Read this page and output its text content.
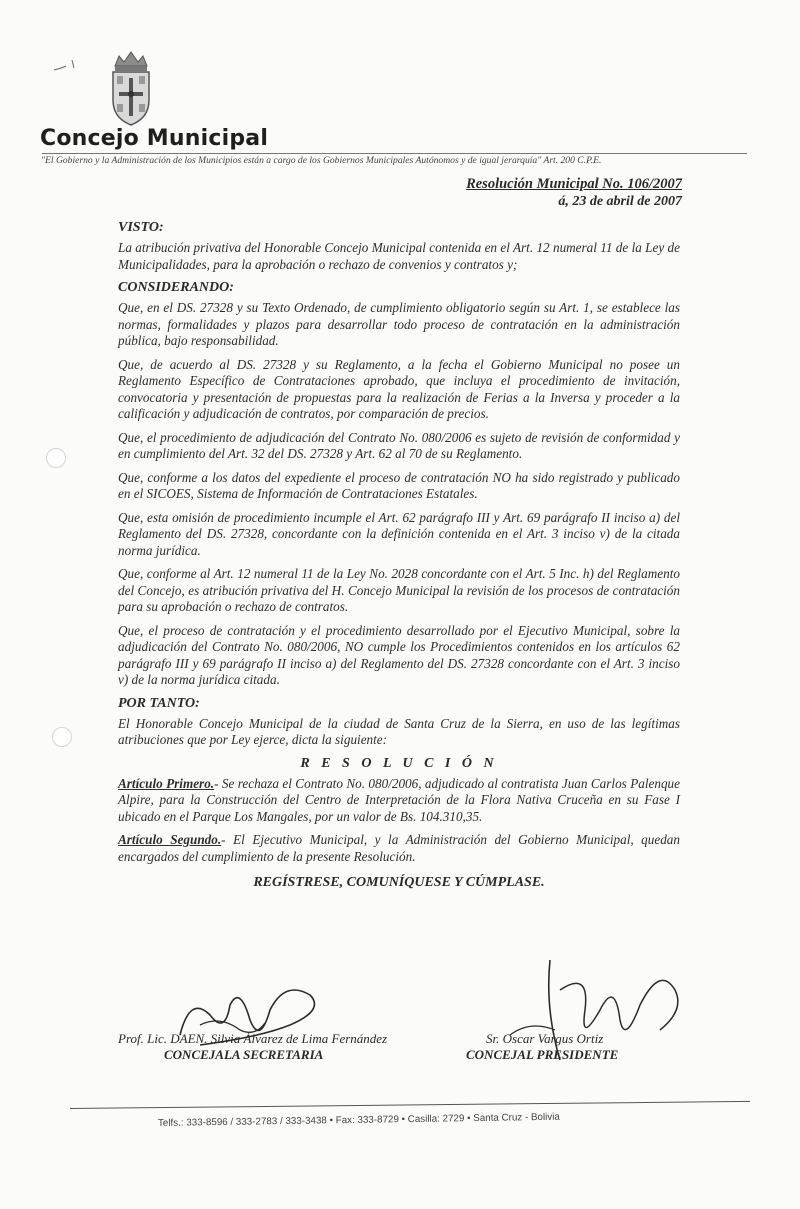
Concejo Municipal
"El Gobierno y la Administración de los Municipios están a cargo de los Gobiernos Municipales Autónomos y de igual jerarquía" Art. 200 C.P.E.
Resolución Municipal No. 106/2007
á, 23 de abril de 2007
VISTO:

La atribución privativa del Honorable Concejo Municipal contenida en el Art. 12 numeral 11 de la Ley de Municipalidades, para la aprobación o rechazo de convenios y contratos y;

CONSIDERANDO:

Que, en el DS. 27328 y su Texto Ordenado, de cumplimiento obligatorio según su Art. 1, se establece las normas, formalidades y plazos para desarrollar todo proceso de contratación en la administración pública, bajo responsabilidad.

Que, de acuerdo al DS. 27328 y su Reglamento, a la fecha el Gobierno Municipal no posee un Reglamento Específico de Contrataciones aprobado, que incluya el procedimiento de invitación, convocatoria y presentación de propuestas para la realización de Ferias a la Inversa y proceder a la calificación y adjudicación de contratos, por comparación de precios.

Que, el procedimiento de adjudicación del Contrato No. 080/2006 es sujeto de revisión de conformidad y en cumplimiento del Art. 32 del DS. 27328 y Art. 62 al 70 de su Reglamento.

Que, conforme a los datos del expediente el proceso de contratación NO ha sido registrado y publicado en el SICOES, Sistema de Información de Contrataciones Estatales.

Que, esta omisión de procedimiento incumple el Art. 62 parágrafo III y Art. 69 parágrafo II inciso a) del Reglamento del DS. 27328, concordante con la definición contenida en el Art. 3 inciso v) de la citada norma jurídica.

Que, conforme al Art. 12 numeral 11 de la Ley No. 2028 concordante con el Art. 5 Inc. h) del Reglamento del Concejo, es atribución privativa del H. Concejo Municipal la revisión de los procesos de contratación para su aprobación o rechazo de contratos.

Que, el proceso de contratación y el procedimiento desarrollado por el Ejecutivo Municipal, sobre la adjudicación del Contrato No. 080/2006, NO cumple los Procedimientos contenidos en los artículos 62 parágrafo III y 69 parágrafo II inciso a) del Reglamento del DS. 27328 concordante con el Art. 3 inciso v) de la norma jurídica citada.

POR TANTO:

El Honorable Concejo Municipal de la ciudad de Santa Cruz de la Sierra, en uso de las legítimas atribuciones que por Ley ejerce, dicta la siguiente:

R E S O L U C I Ó N

Artículo Primero.- Se rechaza el Contrato No. 080/2006, adjudicado al contratista Juan Carlos Palenque Alpire, para la Construcción del Centro de Interpretación de la Flora Nativa Cruceña en su Fase I ubicado en el Parque Los Mangales, por un valor de Bs. 104.310,35.

Artículo Segundo.- El Ejecutivo Municipal, y la Administración del Gobierno Municipal, quedan encargados del cumplimiento de la presente Resolución.

REGÍSTRESE, COMUNÍQUESE Y CÚMPLASE.
Prof. Lic. DAEN. Silvia Álvarez de Lima Fernández
CONCEJALA SECRETARIA
Sr. Oscar Vargus Ortiz
CONCEJAL PRESIDENTE
Telfs.: 333-8596 / 333-2783 / 333-3438 • Fax: 333-8729 • Casilla: 2729 • Santa Cruz - Bolivia
